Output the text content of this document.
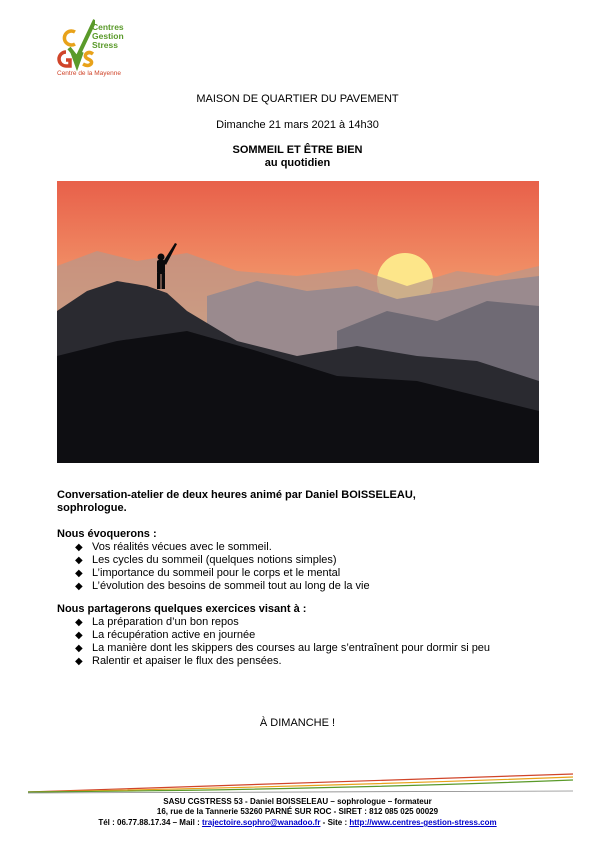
Centres
Gestion
Stress
Centre de la Mayenne
MAISON DE QUARTIER DU PAVEMENT
Dimanche 21 mars 2021 à 14h30
SOMMEIL ET ÊTRE BIEN
au quotidien

Conversation-atelier de deux heures animé par Daniel BOISSELEAU,

sophrologue.

Nous évoquerons :
◆ Vos réalités vécues avec le sommeil.
◆ Les cycles du sommeil (quelques notions simples)
◆ L’importance du sommeil pour le corps et le mental
◆ L’évolution des besoins de sommeil tout au long de la vie
Nous partagerons quelques exercices visant à :
◆ La préparation d’un bon repos
◆ La récupération active en journée
◆ La manière dont les skippers des courses au large s’entraînent pour dormir si peu
◆ Ralentir et apaiser le flux des pensées.
À DIMANCHE !
SASU CGSTRESS 53 - Daniel BOISSELEAU – sophrologue – formateur
16, rue de la Tannerie 53260 PARNÉ SUR ROC - SIRET : 812 085 025 00029
Tél : 06.77.88.17.34 – Mail : trajectoire.sophro@wanadoo.fr - Site : http://www.centres-gestion-stress.com
